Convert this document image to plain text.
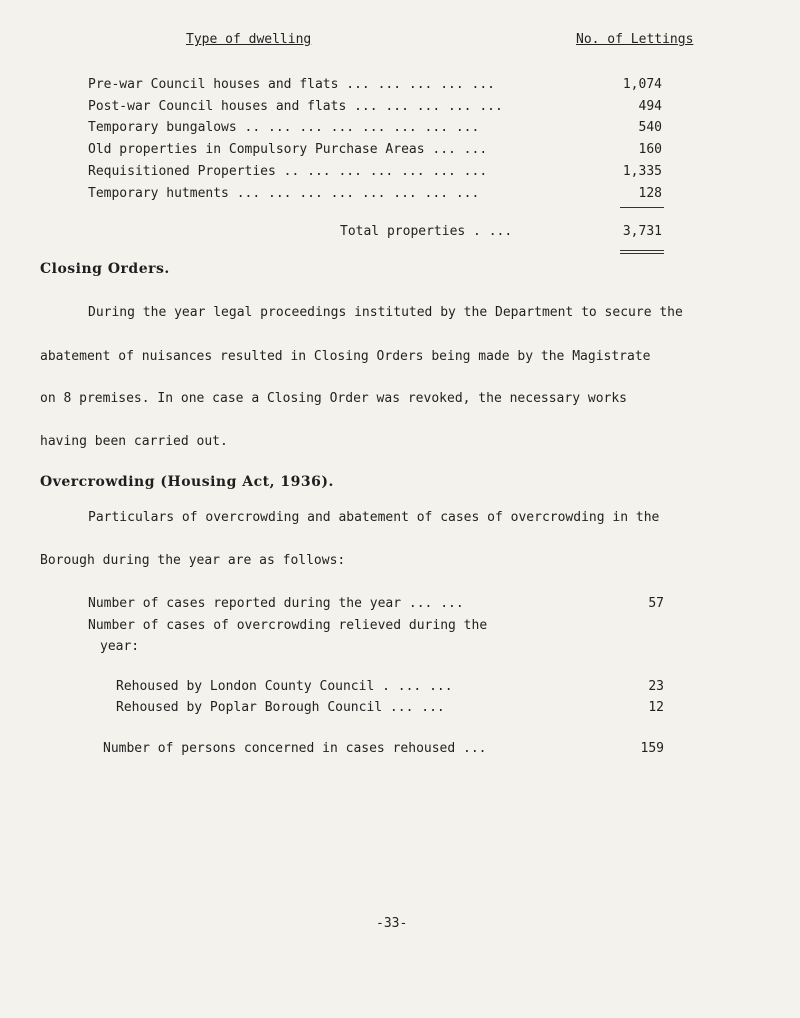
Type of dwelling	No. of Lettings
Pre-war Council houses and flats ... ... ... ... ...	1,074
Post-war Council houses and flats ... ... ... ... ...	494
Temporary bungalows .. ... ... ... ... ... ... ...	540
Old properties in Compulsory Purchase Areas ... ...	160
Requisitioned Properties .. ... ... ... ... ... ...	1,335
Temporary hutments ... ... ... ... ... ... ... ...	128
Total properties . ...	3,731
Closing Orders.
During the year legal proceedings instituted by the Department to secure the
abatement of nuisances resulted in Closing Orders being made by the Magistrate
on 8 premises. In one case a Closing Order was revoked, the necessary works
having been carried out.
Overcrowding (Housing Act, 1936).
Particulars of overcrowding and abatement of cases of overcrowding in the
Borough during the year are as follows:
Number of cases reported during the year ... ...	57
Number of cases of overcrowding relieved during the
year:
Rehoused by London County Council . ... ...	23
Rehoused by Poplar Borough Council ... ...	12
Number of persons concerned in cases rehoused ...	159
-33-
